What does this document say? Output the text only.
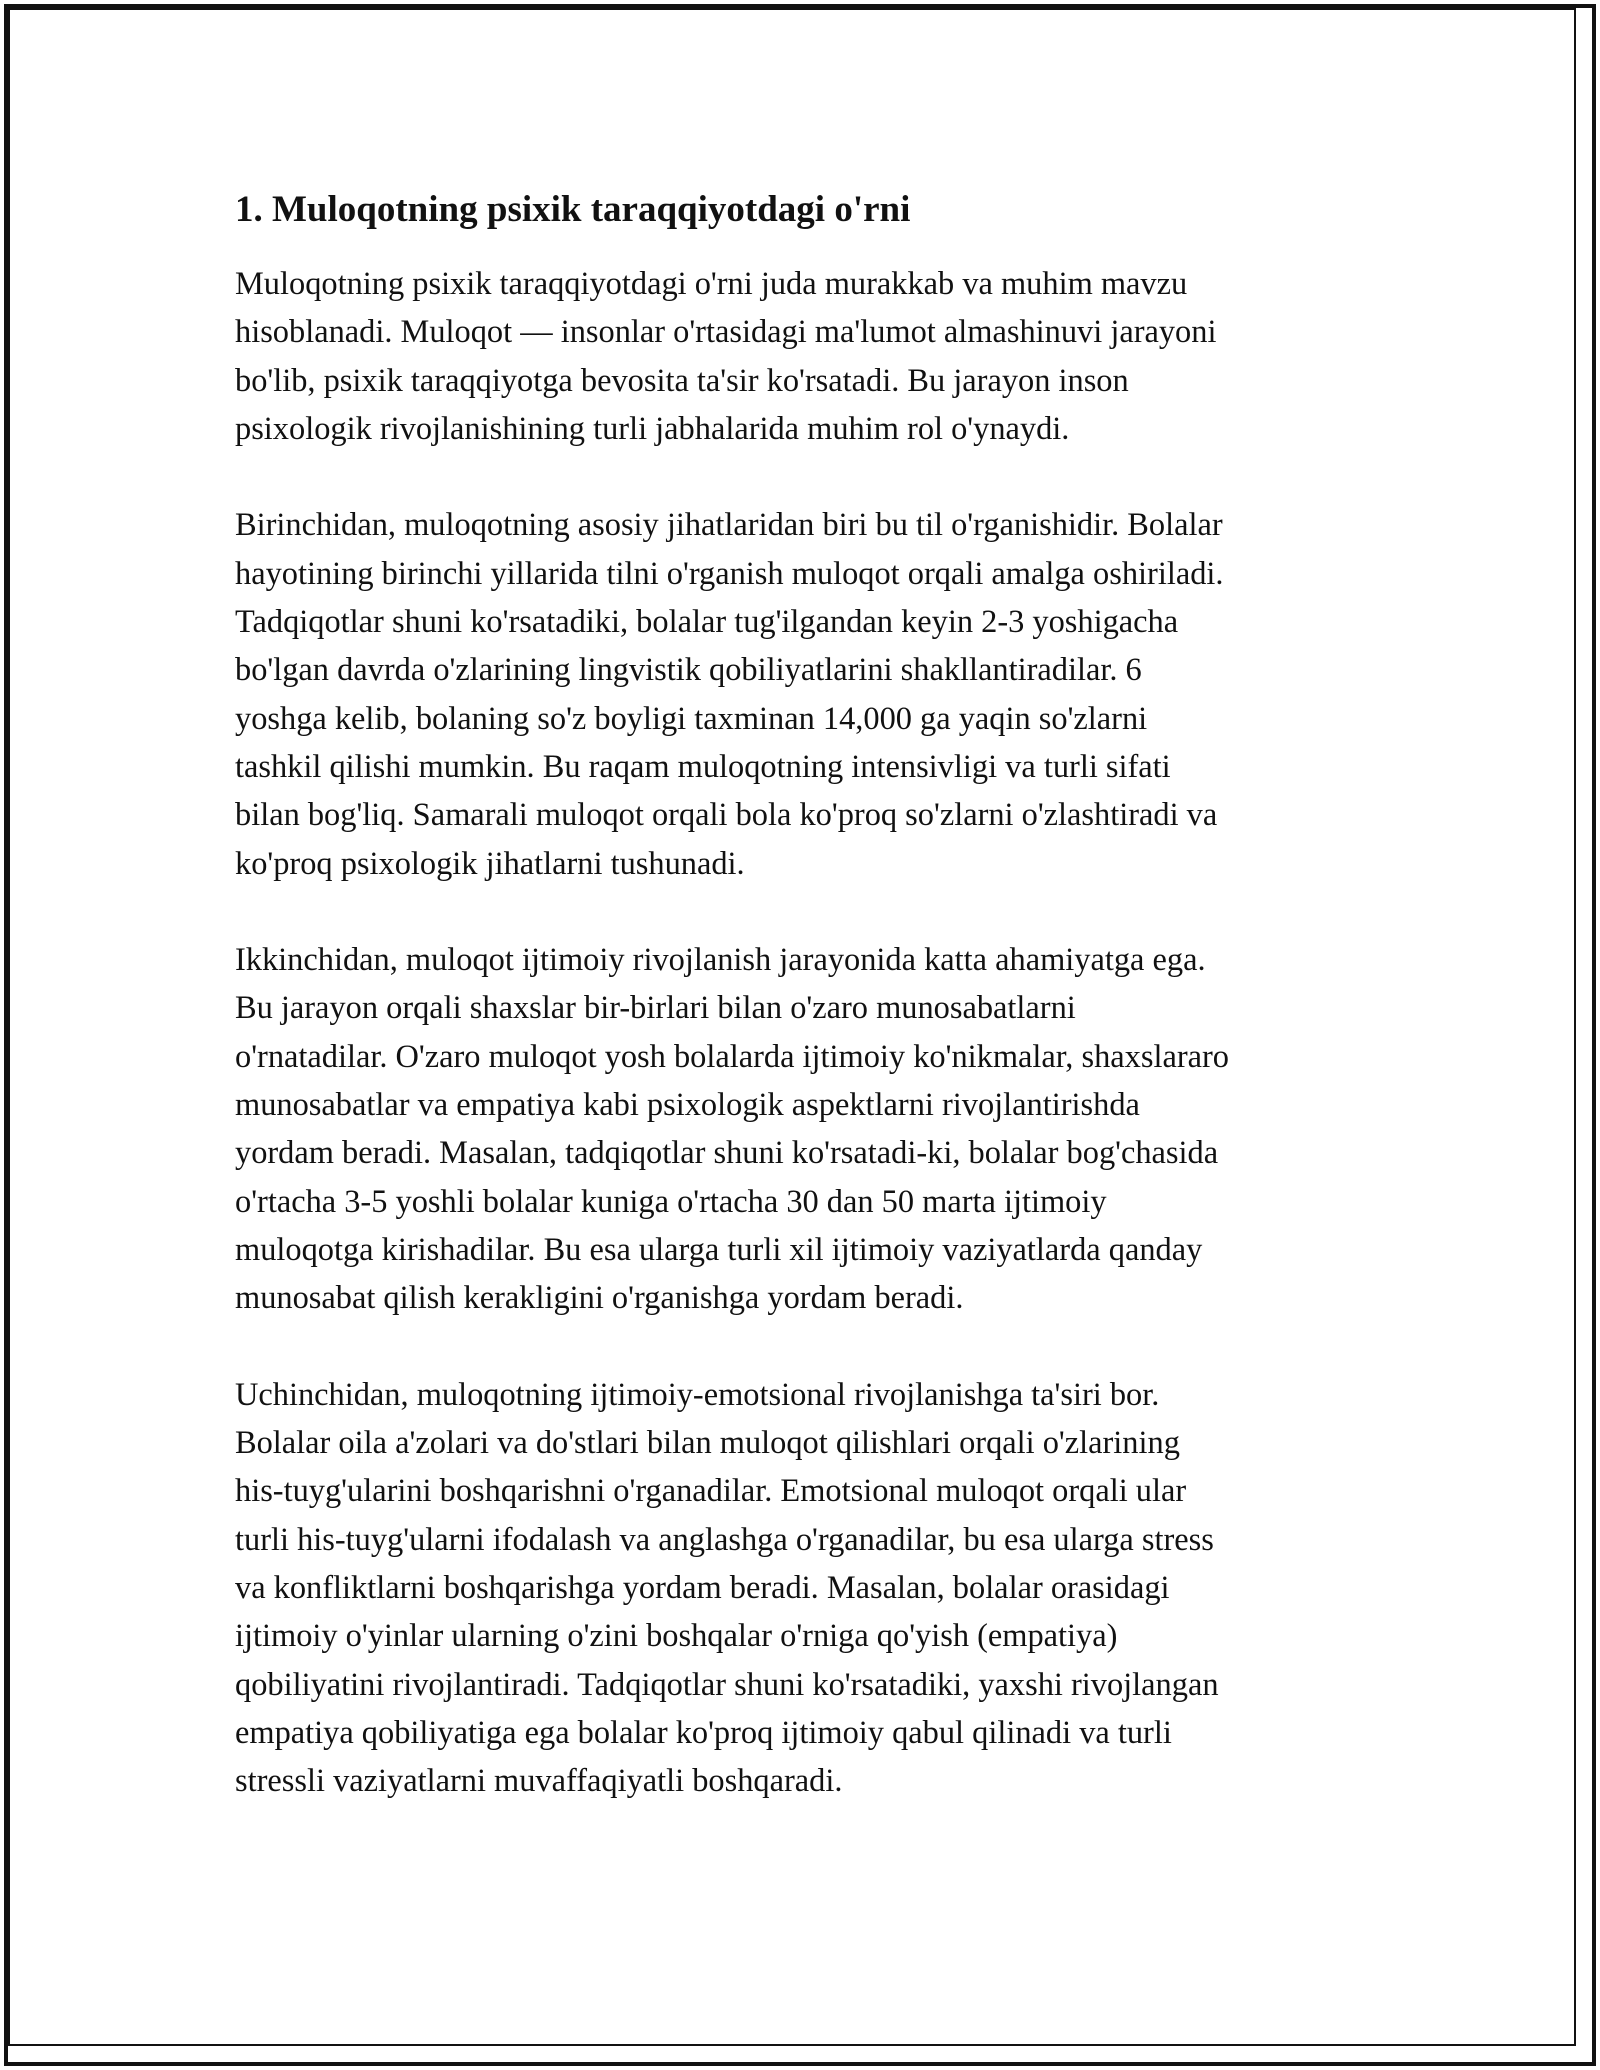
1. Muloqotning psixik taraqqiyotdagi o'rni
Muloqotning psixik taraqqiyotdagi o'rni juda murakkab va muhim mavzu
hisoblanadi. Muloqot — insonlar o'rtasidagi ma'lumot almashinuvi jarayoni
bo'lib, psixik taraqqiyotga bevosita ta'sir ko'rsatadi. Bu jarayon inson
psixologik rivojlanishining turli jabhalarida muhim rol o'ynaydi.
Birinchidan, muloqotning asosiy jihatlaridan biri bu til o'rganishidir. Bolalar
hayotining birinchi yillarida tilni o'rganish muloqot orqali amalga oshiriladi.
Tadqiqotlar shuni ko'rsatadiki, bolalar tug'ilgandan keyin 2-3 yoshigacha
bo'lgan davrda o'zlarining lingvistik qobiliyatlarini shakllantiradilar. 6
yoshga kelib, bolaning so'z boyligi taxminan 14,000 ga yaqin so'zlarni
tashkil qilishi mumkin. Bu raqam muloqotning intensivligi va turli sifati
bilan bog'liq. Samarali muloqot orqali bola ko'proq so'zlarni o'zlashtiradi va
ko'proq psixologik jihatlarni tushunadi.
Ikkinchidan, muloqot ijtimoiy rivojlanish jarayonida katta ahamiyatga ega.
Bu jarayon orqali shaxslar bir-birlari bilan o'zaro munosabatlarni
o'rnatadilar. O'zaro muloqot yosh bolalarda ijtimoiy ko'nikmalar, shaxslararo
munosabatlar va empatiya kabi psixologik aspektlarni rivojlantirishda
yordam beradi. Masalan, tadqiqotlar shuni ko'rsatadi-ki, bolalar bog'chasida
o'rtacha 3-5 yoshli bolalar kuniga o'rtacha 30 dan 50 marta ijtimoiy
muloqotga kirishadilar. Bu esa ularga turli xil ijtimoiy vaziyatlarda qanday
munosabat qilish kerakligini o'rganishga yordam beradi.
Uchinchidan, muloqotning ijtimoiy-emotsional rivojlanishga ta'siri bor.
Bolalar oila a'zolari va do'stlari bilan muloqot qilishlari orqali o'zlarining
his-tuyg'ularini boshqarishni o'rganadilar. Emotsional muloqot orqali ular
turli his-tuyg'ularni ifodalash va anglashga o'rganadilar, bu esa ularga stress
va konfliktlarni boshqarishga yordam beradi. Masalan, bolalar orasidagi
ijtimoiy o'yinlar ularning o'zini boshqalar o'rniga qo'yish (empatiya)
qobiliyatini rivojlantiradi. Tadqiqotlar shuni ko'rsatadiki, yaxshi rivojlangan
empatiya qobiliyatiga ega bolalar ko'proq ijtimoiy qabul qilinadi va turli
stressli vaziyatlarni muvaffaqiyatli boshqaradi.
